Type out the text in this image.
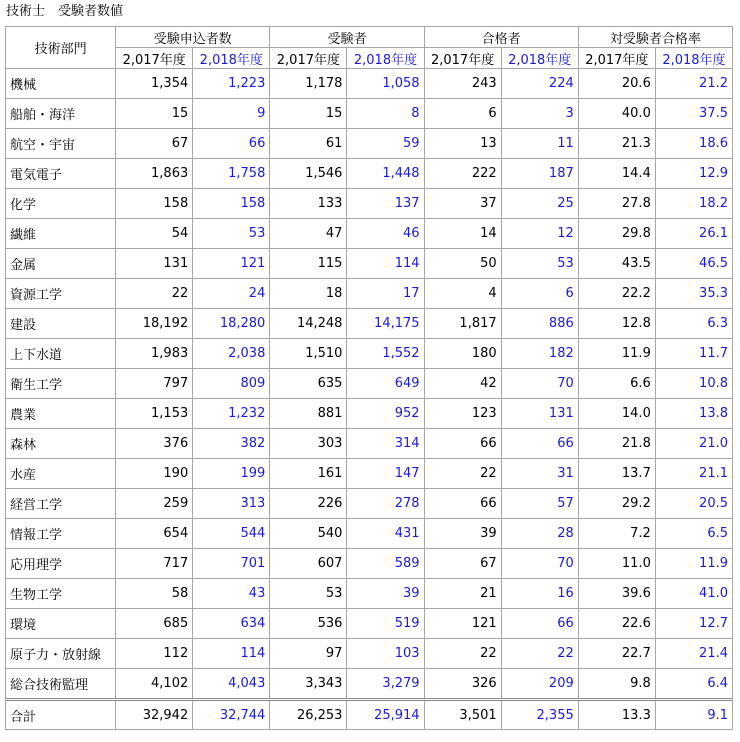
技術士　受験者数値
技術部門	受験申込者数		受験者		合格者		対受験者合格率	
	2,017年度	2,018年度	2,017年度	2,018年度	2,017年度	2,018年度	2,017年度	2,018年度
機械	1,354	1,223	1,178	1,058	243	224	20.6	21.2
船舶・海洋	15	9	15	8	6	3	40.0	37.5
航空・宇宙	67	66	61	59	13	11	21.3	18.6
電気電子	1,863	1,758	1,546	1,448	222	187	14.4	12.9
化学	158	158	133	137	37	25	27.8	18.2
繊維	54	53	47	46	14	12	29.8	26.1
金属	131	121	115	114	50	53	43.5	46.5
資源工学	22	24	18	17	4	6	22.2	35.3
建設	18,192	18,280	14,248	14,175	1,817	886	12.8	6.3
上下水道	1,983	2,038	1,510	1,552	180	182	11.9	11.7
衛生工学	797	809	635	649	42	70	6.6	10.8
農業	1,153	1,232	881	952	123	131	14.0	13.8
森林	376	382	303	314	66	66	21.8	21.0
水産	190	199	161	147	22	31	13.7	21.1
経営工学	259	313	226	278	66	57	29.2	20.5
情報工学	654	544	540	431	39	28	7.2	6.5
応用理学	717	701	607	589	67	70	11.0	11.9
生物工学	58	43	53	39	21	16	39.6	41.0
環境	685	634	536	519	121	66	22.6	12.7
原子力・放射線	112	114	97	103	22	22	22.7	21.4
総合技術監理	4,102	4,043	3,343	3,279	326	209	9.8	6.4
合計	32,942	32,744	26,253	25,914	3,501	2,355	13.3	9.1
